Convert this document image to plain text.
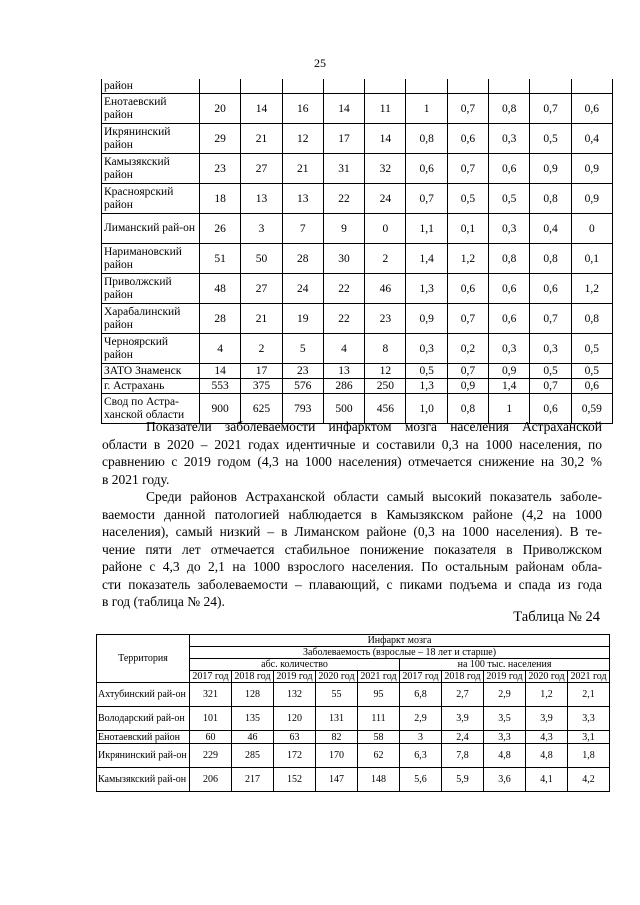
25
район										
Енотаевский район	20	14	16	14	11	1	0,7	0,8	0,7	0,6
Икрянинский район	29	21	12	17	14	0,8	0,6	0,3	0,5	0,4
Камызякский район	23	27	21	31	32	0,6	0,7	0,6	0,9	0,9
Красноярский район	18	13	13	22	24	0,7	0,5	0,5	0,8	0,9
Лиманский рай-он	26	3	7	9	0	1,1	0,1	0,3	0,4	0
Наримановский район	51	50	28	30	2	1,4	1,2	0,8	0,8	0,1
Приволжский район	48	27	24	22	46	1,3	0,6	0,6	0,6	1,2
Харабалинский район	28	21	19	22	23	0,9	0,7	0,6	0,7	0,8
Черноярский район	4	2	5	4	8	0,3	0,2	0,3	0,3	0,5
ЗАТО Знаменск	14	17	23	13	12	0,5	0,7	0,9	0,5	0,5
г. Астрахань	553	375	576	286	250	1,3	0,9	1,4	0,7	0,6
Свод по Астра-ханской области	900	625	793	500	456	1,0	0,8	1	0,6	0,59
Показатели заболеваемости инфарктом мозга населения Астраханской
области в 2020 – 2021 годах идентичные и составили 0,3 на 1000 населения, по
сравнению с 2019 годом (4,3 на 1000 населения) отмечается снижение на 30,2 %
в 2021 году.
Среди районов Астраханской области самый высокий показатель заболе-
ваемости данной патологией наблюдается в Камызякском районе (4,2 на 1000
населения), самый низкий – в Лиманском районе (0,3 на 1000 населения). В те-
чение пяти лет отмечается стабильное понижение показателя в Приволжском
районе с 4,3 до 2,1 на 1000 взрослого населения. По остальным районам обла-
сти показатель заболеваемости – плавающий, с пиками подъема и спада из года
в год (таблица № 24).
Таблица № 24
Территория	Инфаркт мозга									
	Заболеваемость (взрослые – 18 лет и старше)									
	абс. количество					на 100 тыс. населения				
	2017 год	2018 год	2019 год	2020 год	2021 год	2017 год	2018 год	2019 год	2020 год	2021 год
Ахтубинский рай-он	321	128	132	55	95	6,8	2,7	2,9	1,2	2,1
Володарский рай-он	101	135	120	131	111	2,9	3,9	3,5	3,9	3,3
Енотаевский район	60	46	63	82	58	3	2,4	3,3	4,3	3,1
Икрянинский рай-он	229	285	172	170	62	6,3	7,8	4,8	4,8	1,8
Камызякский рай-он	206	217	152	147	148	5,6	5,9	3,6	4,1	4,2
